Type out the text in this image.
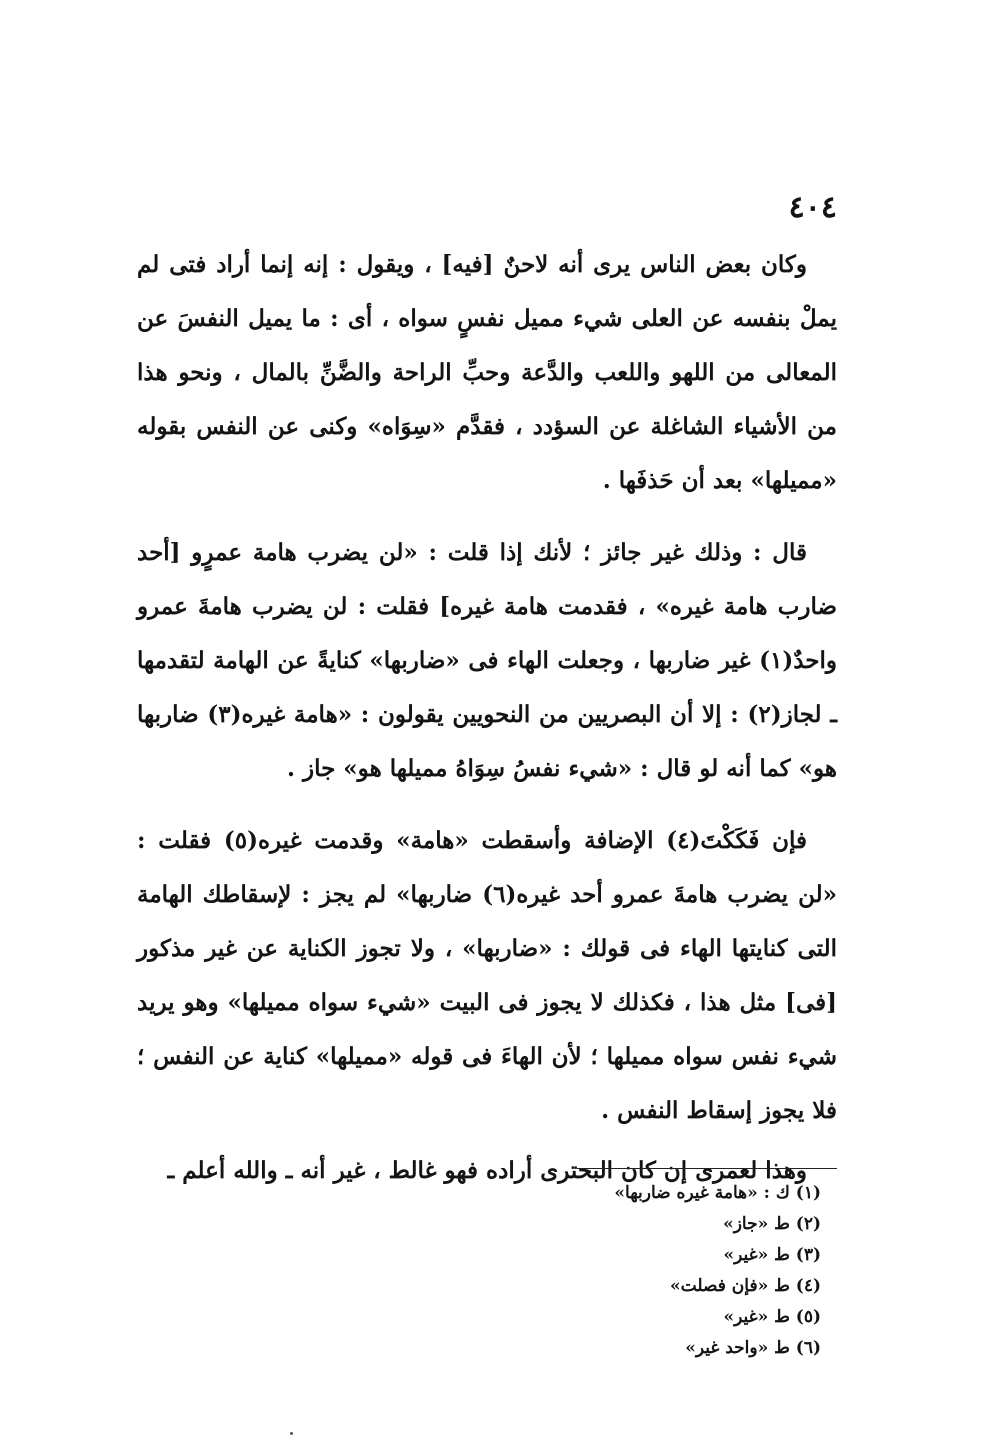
٤٠٤

وكان بعض الناس يرى أنه لاحنٌ [فيه] ، ويقول : إنه إنما أراد فتى لم يملْ بنفسه عن العلى شيء مميل نفسٍ سواه ، أى : ما يميل النفسَ عن المعالى من اللهو واللعب والدَّعة وحبِّ الراحة والضَّنِّ بالمال ، ونحو هذا من الأشياء الشاغلة عن السؤدد ، فقدَّم «سِوَاه» وكنى عن النفس بقوله «مميلها» بعد أن حَذفَها .

قال : وذلك غير جائز ؛ لأنك إذا قلت : «لن يضرب هامة عمرٍو [أحد ضارب هامة غيره» ، فقدمت هامة غيره] فقلت : لن يضرب هامةَ عمرو واحدٌ(١) غير ضاربها ، وجعلت الهاء فى «ضاربها» كنايةً عن الهامة لتقدمها ـ لجاز(٢) : إلا أن البصريين من النحويين يقولون : «هامة غيره(٣) ضاربها هو» كما أنه لو قال : «شيء نفسُ سِوَاهُ مميلها هو» جاز .

فإن فَكَكْتَ(٤) الإضافة وأسقطت «هامة» وقدمت غيره(٥) فقلت : «لن يضرب هامةَ عمرو أحد غيره(٦) ضاربها» لم يجز : لإسقاطك الهامة التى كنايتها الهاء فى قولك : «ضاربها» ، ولا تجوز الكناية عن غير مذكور [فى] مثل هذا ، فكذلك لا يجوز فى البيت «شيء سواه مميلها» وهو يريد شيء نفس سواه مميلها ؛ لأن الهاءَ فى قوله «مميلها» كناية عن النفس ؛ فلا يجوز إسقاط النفس .

وهذا لعمرى إن كان البحترى أراده فهو غالط ، غير أنه ـ والله أعلم ـ

(١) ك : «هامة غيره ضاربها»
(٢) ط «جاز»
(٣) ط «غير»
(٤) ط «فإن فصلت»
(٥) ط «غير»
(٦) ط «واحد غير»
